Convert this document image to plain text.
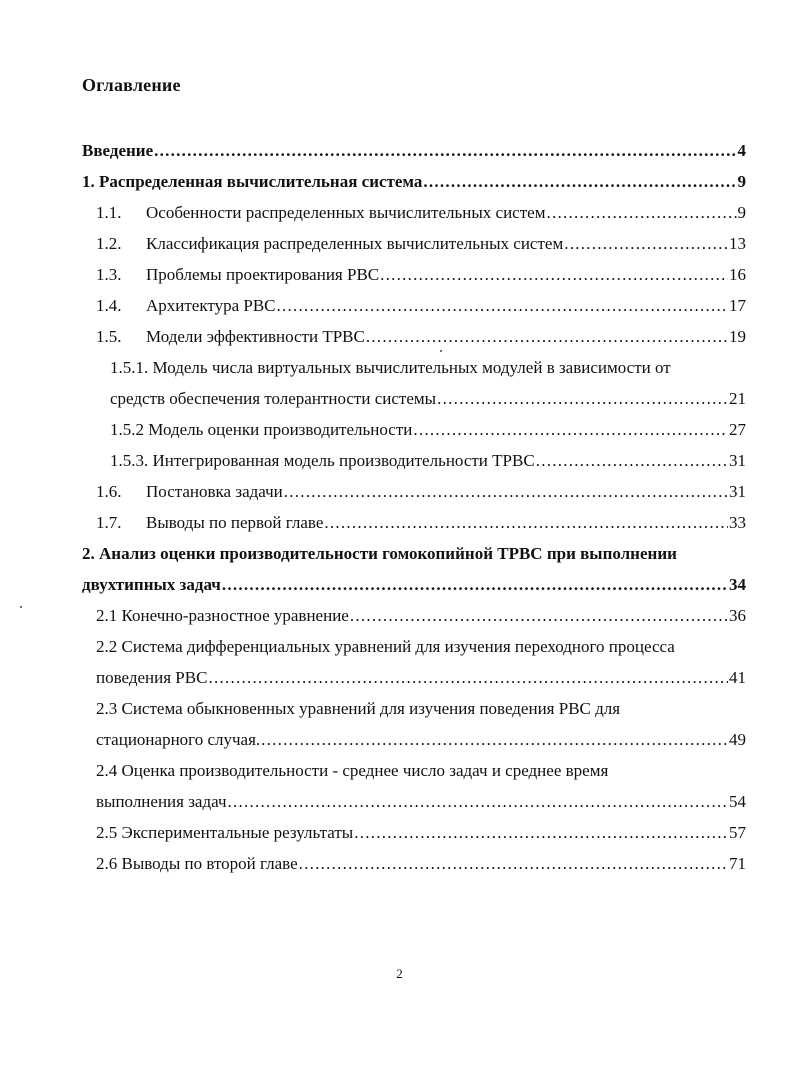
Оглавление
Введение . . .	4
1. Распределенная вычислительная система . . .	9
1.1.	Особенности распределенных вычислительных систем . . .	9
1.2.	Классификация распределенных вычислительных систем . . .	13
1.3.	Проблемы проектирования РВС . . .	16
1.4.	Архитектура РВС . . .	17
1.5.	Модели эффективности ТРВС . . .	19
1.5.1. Модель числа виртуальных вычислительных модулей в зависимости от
средств обеспечения толерантности системы . . .	21
1.5.2 Модель оценки производительности . . .	27
1.5.3. Интегрированная модель производительности ТРВС . . .	31
1.6.	Постановка задачи . . .	31
1.7.	Выводы по первой главе . . .	33
2. Анализ оценки производительности гомокопийной ТРВС при выполнении
двухтипных задач . . .	34
2.1 Конечно-разностное уравнение . . .	36
2.2 Система дифференциальных уравнений для изучения переходного процесса
поведения РВС . . .	41
2.3 Система обыкновенных уравнений для изучения поведения РВС для
стационарного случая. . . .	49
2.4 Оценка производительности - среднее число задач и среднее время
выполнения задач . . .	54
2.5 Экспериментальные результаты . . .	57
2.6 Выводы по второй главе . . .	71
2
